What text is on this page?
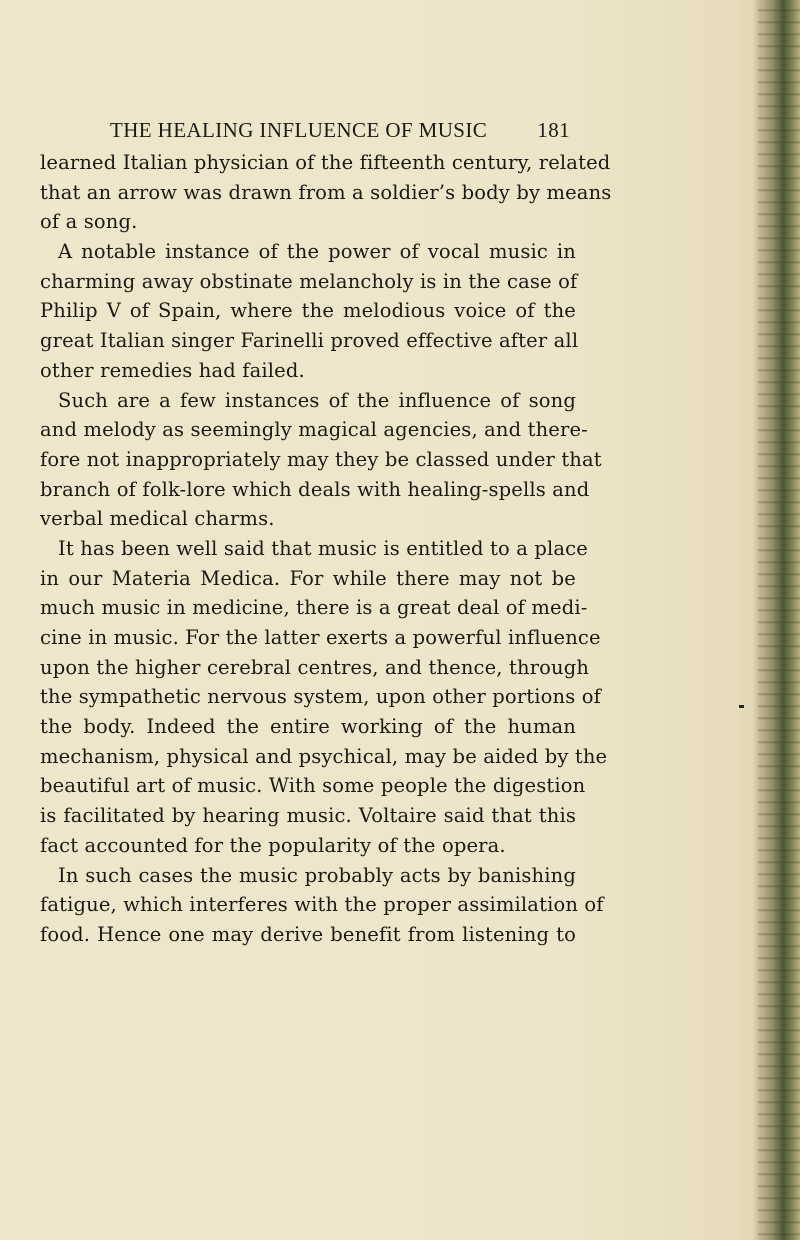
THE HEALING INFLUENCE OF MUSIC 181
learned Italian physician of the fifteenth century, related
that an arrow was drawn from a soldier’s body by means
of a song.
A notable instance of the power of vocal music in
charming away obstinate melancholy is in the case of
Philip V of Spain, where the melodious voice of the
great Italian singer Farinelli proved effective after all
other remedies had failed.
Such are a few instances of the influence of song
and melody as seemingly magical agencies, and there-
fore not inappropriately may they be classed under that
branch of folk-lore which deals with healing-spells and
verbal medical charms.
It has been well said that music is entitled to a place
in our Materia Medica. For while there may not be
much music in medicine, there is a great deal of medi-
cine in music. For the latter exerts a powerful influence
upon the higher cerebral centres, and thence, through
the sympathetic nervous system, upon other portions of
the body. Indeed the entire working of the human
mechanism, physical and psychical, may be aided by the
beautiful art of music. With some people the digestion
is facilitated by hearing music. Voltaire said that this
fact accounted for the popularity of the opera.
In such cases the music probably acts by banishing
fatigue, which interferes with the proper assimilation of
food. Hence one may derive benefit from listening to
